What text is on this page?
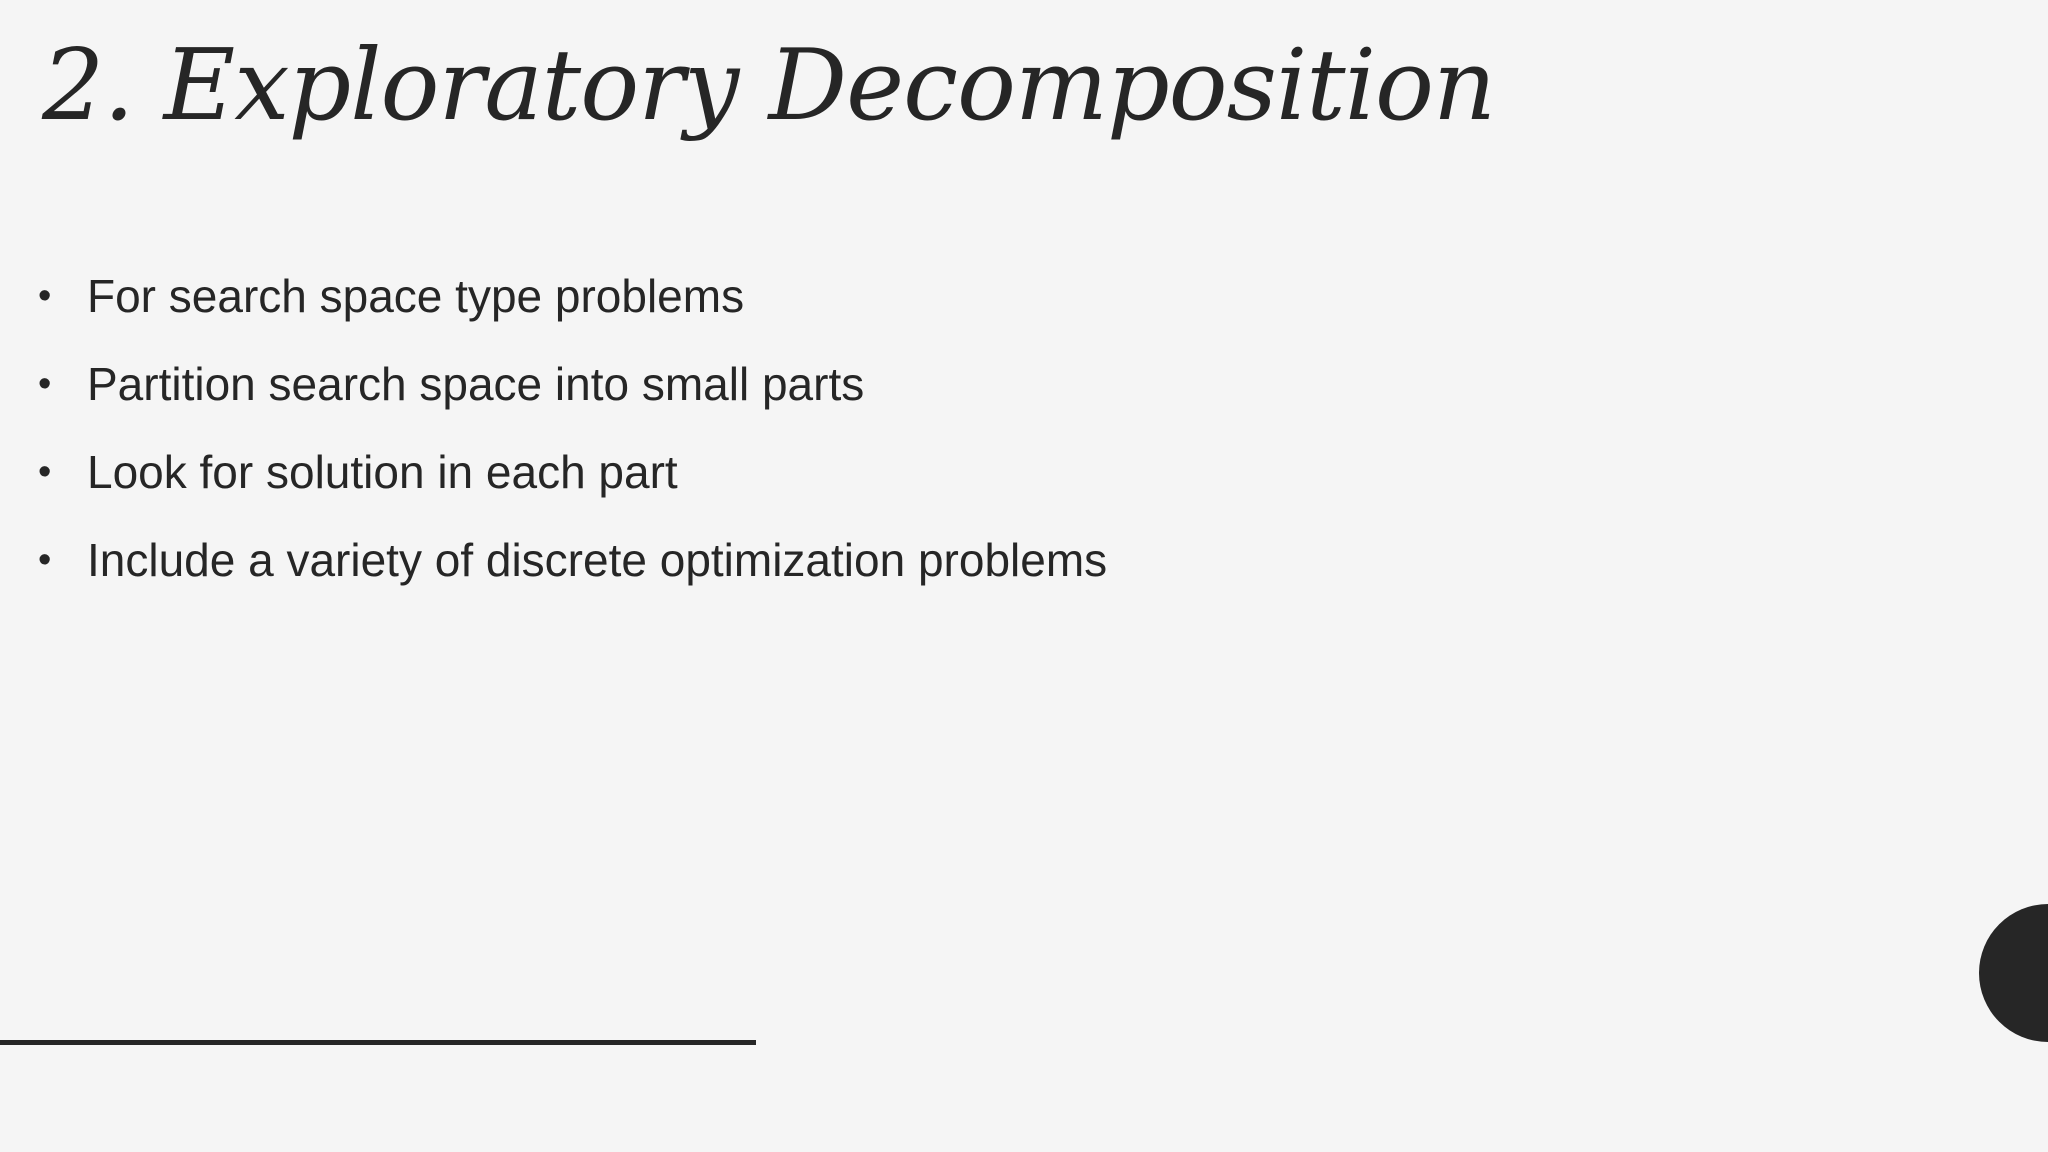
2. Exploratory Decomposition
• For search space type problems
• Partition search space into small parts
• Look for solution in each part
• Include a variety of discrete optimization problems
